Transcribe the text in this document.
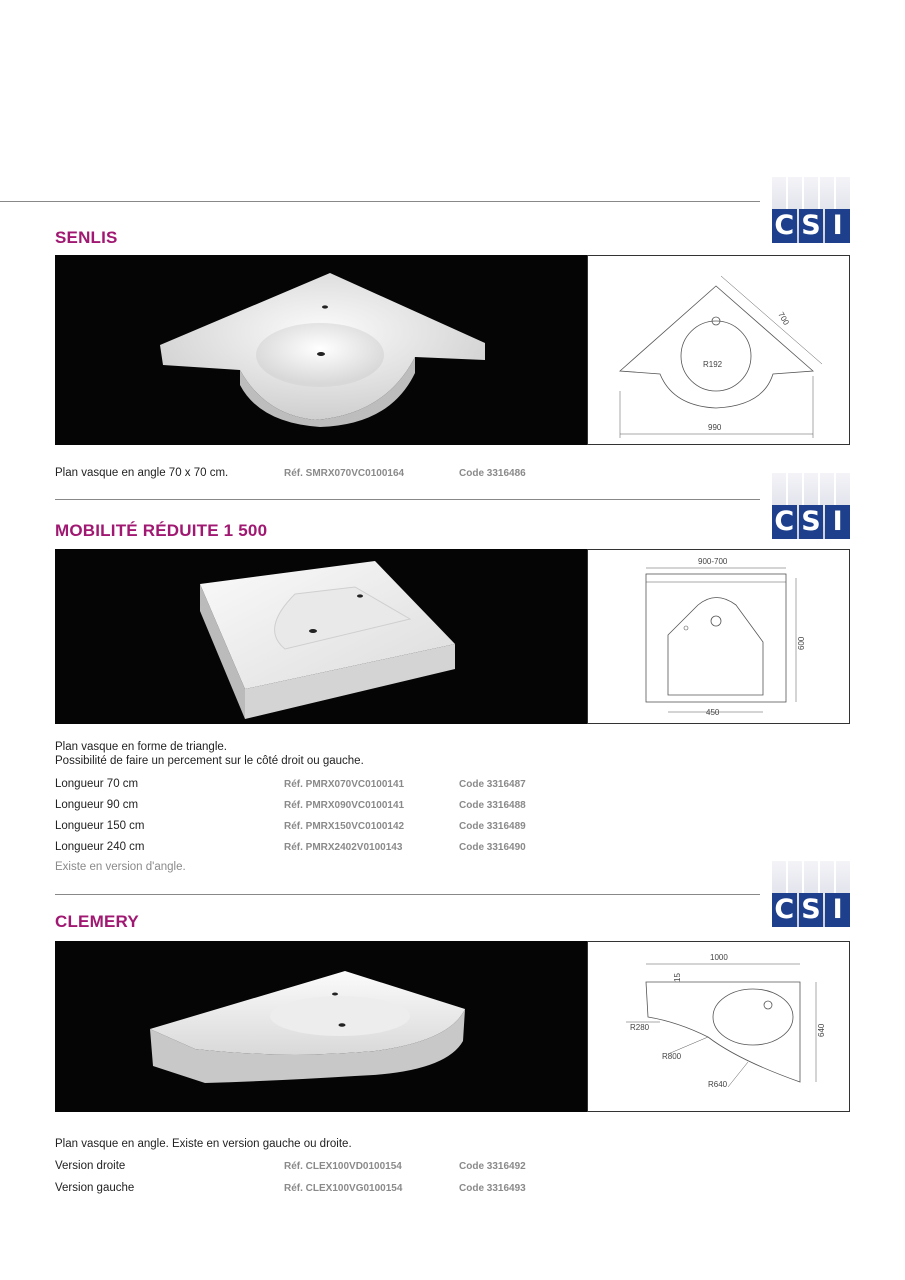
C S I
SENLIS
700
990
R192
Plan vasque en angle 70 x 70 cm.	Réf. SMRX070VC0100164	Code 3316486
C S I
MOBILITÉ RÉDUITE 1 500
900-700
600
450
Plan vasque en forme de triangle.
Possibilité de faire un percement sur le côté droit ou gauche.
Longueur 70 cm	Réf. PMRX070VC0100141	Code 3316487
Longueur 90 cm	Réf. PMRX090VC0100141	Code 3316488
Longueur 150 cm	Réf. PMRX150VC0100142	Code 3316489
Longueur 240 cm	Réf. PMRX2402V0100143	Code 3316490
Existe en version d'angle.
C S I
CLEMERY
1000
15
640
R280
R800
R640
Plan vasque en angle. Existe en version gauche ou droite.
Version droite	Réf. CLEX100VD0100154	Code 3316492
Version gauche	Réf. CLEX100VG0100154	Code 3316493
